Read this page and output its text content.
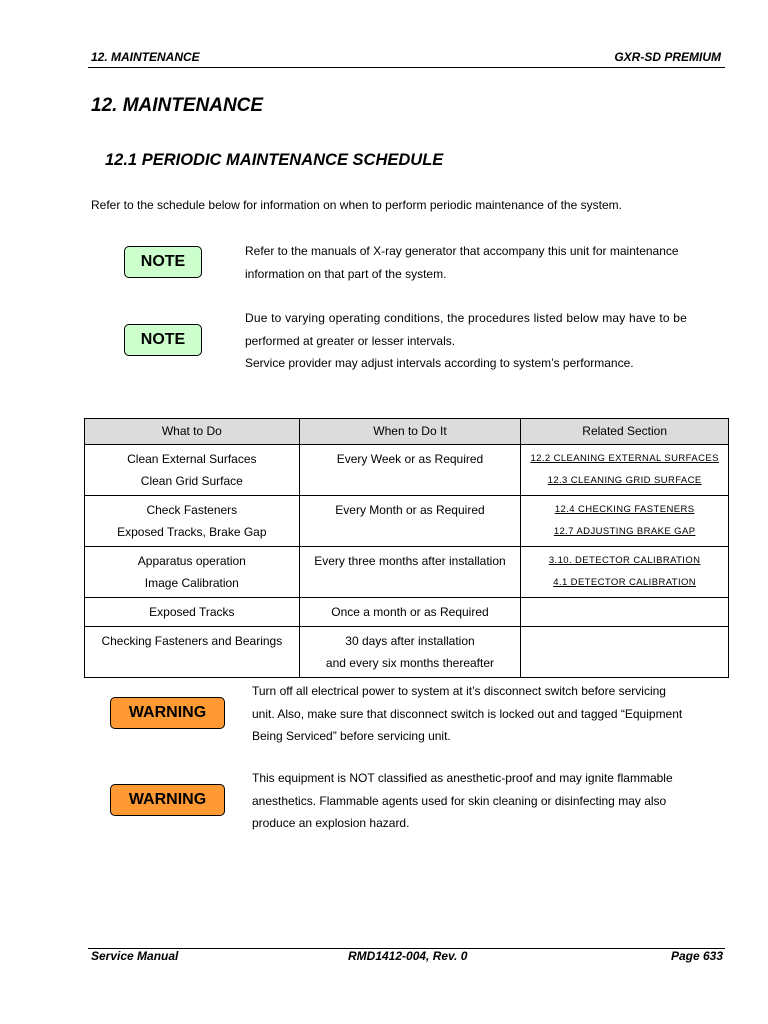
12. MAINTENANCE	GXR-SD PREMIUM
12. MAINTENANCE
12.1 PERIODIC MAINTENANCE SCHEDULE
Refer to the schedule below for information on when to perform periodic maintenance of the system.
NOTE
Refer to the manuals of X-ray generator that accompany this unit for maintenance
information on that part of the system.
NOTE
Due to varying operating conditions, the procedures listed below may have to be
performed at greater or lesser intervals.
Service provider may adjust intervals according to system’s performance.
What to Do	When to Do It	Related Section

Clean External Surfaces
Clean Grid Surface	Every Week or as Required	12.2 CLEANING EXTERNAL SURFACES
12.3 CLEANING GRID SURFACE

Check Fasteners
Exposed Tracks, Brake Gap	Every Month or as Required	12.4 CHECKING FASTENERS
12.7 ADJUSTING BRAKE GAP

Apparatus operation
Image Calibration	Every three months after installation	3.10. DETECTOR CALIBRATION
4.1 DETECTOR CALIBRATION

Exposed Tracks	Once a month or as Required	

Checking Fasteners and Bearings	30 days after installation
and every six months thereafter	

WARNING
Turn off all electrical power to system at it’s disconnect switch before servicing
unit. Also, make sure that disconnect switch is locked out and tagged “Equipment
Being Serviced” before servicing unit.
WARNING
This equipment is NOT classified as anesthetic-proof and may ignite flammable
anesthetics. Flammable agents used for skin cleaning or disinfecting may also
produce an explosion hazard.
Service Manual	RMD1412-004, Rev. 0	Page 633
